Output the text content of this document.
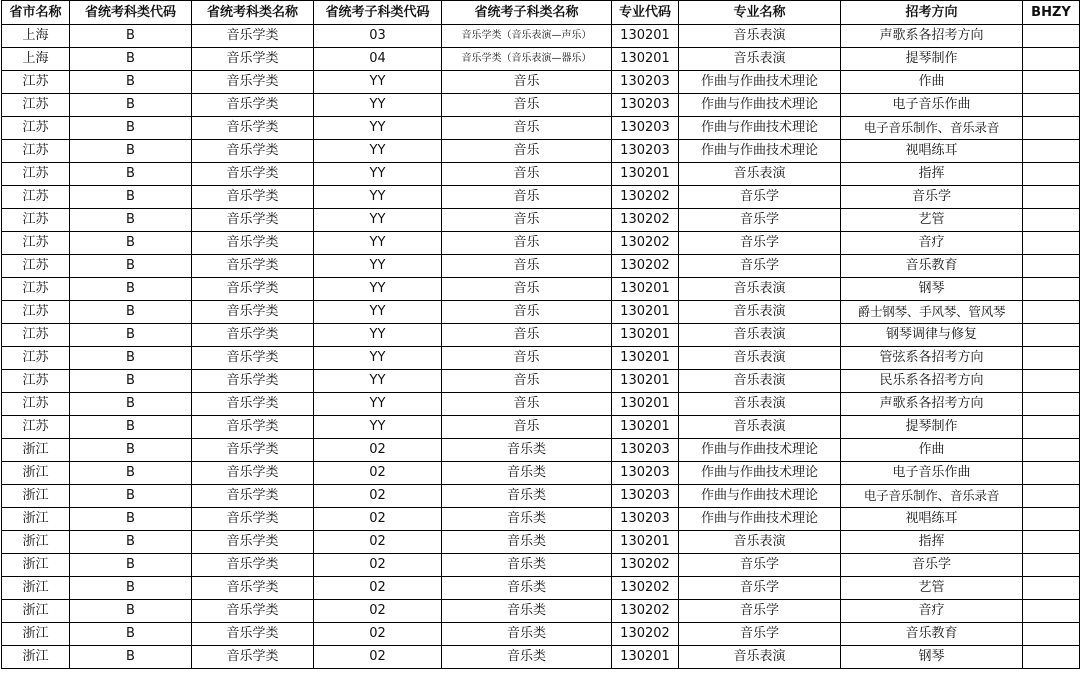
省市名称	省统考科类代码	省统考科类名称	省统考子科类代码	省统考子科类名称	专业代码	专业名称	招考方向	BHZY
上海	B	音乐学类	03	音乐学类（音乐表演—声乐）	130201	音乐表演	声歌系各招考方向	
上海	B	音乐学类	04	音乐学类（音乐表演—器乐）	130201	音乐表演	提琴制作	
江苏	B	音乐学类	YY	音乐	130203	作曲与作曲技术理论	作曲	
江苏	B	音乐学类	YY	音乐	130203	作曲与作曲技术理论	电子音乐作曲	
江苏	B	音乐学类	YY	音乐	130203	作曲与作曲技术理论	电子音乐制作、音乐录音	
江苏	B	音乐学类	YY	音乐	130203	作曲与作曲技术理论	视唱练耳	
江苏	B	音乐学类	YY	音乐	130201	音乐表演	指挥	
江苏	B	音乐学类	YY	音乐	130202	音乐学	音乐学	
江苏	B	音乐学类	YY	音乐	130202	音乐学	艺管	
江苏	B	音乐学类	YY	音乐	130202	音乐学	音疗	
江苏	B	音乐学类	YY	音乐	130202	音乐学	音乐教育	
江苏	B	音乐学类	YY	音乐	130201	音乐表演	钢琴	
江苏	B	音乐学类	YY	音乐	130201	音乐表演	爵士钢琴、手风琴、管风琴	
江苏	B	音乐学类	YY	音乐	130201	音乐表演	钢琴调律与修复	
江苏	B	音乐学类	YY	音乐	130201	音乐表演	管弦系各招考方向	
江苏	B	音乐学类	YY	音乐	130201	音乐表演	民乐系各招考方向	
江苏	B	音乐学类	YY	音乐	130201	音乐表演	声歌系各招考方向	
江苏	B	音乐学类	YY	音乐	130201	音乐表演	提琴制作	
浙江	B	音乐学类	02	音乐类	130203	作曲与作曲技术理论	作曲	
浙江	B	音乐学类	02	音乐类	130203	作曲与作曲技术理论	电子音乐作曲	
浙江	B	音乐学类	02	音乐类	130203	作曲与作曲技术理论	电子音乐制作、音乐录音	
浙江	B	音乐学类	02	音乐类	130203	作曲与作曲技术理论	视唱练耳	
浙江	B	音乐学类	02	音乐类	130201	音乐表演	指挥	
浙江	B	音乐学类	02	音乐类	130202	音乐学	音乐学	
浙江	B	音乐学类	02	音乐类	130202	音乐学	艺管	
浙江	B	音乐学类	02	音乐类	130202	音乐学	音疗	
浙江	B	音乐学类	02	音乐类	130202	音乐学	音乐教育	
浙江	B	音乐学类	02	音乐类	130201	音乐表演	钢琴	
